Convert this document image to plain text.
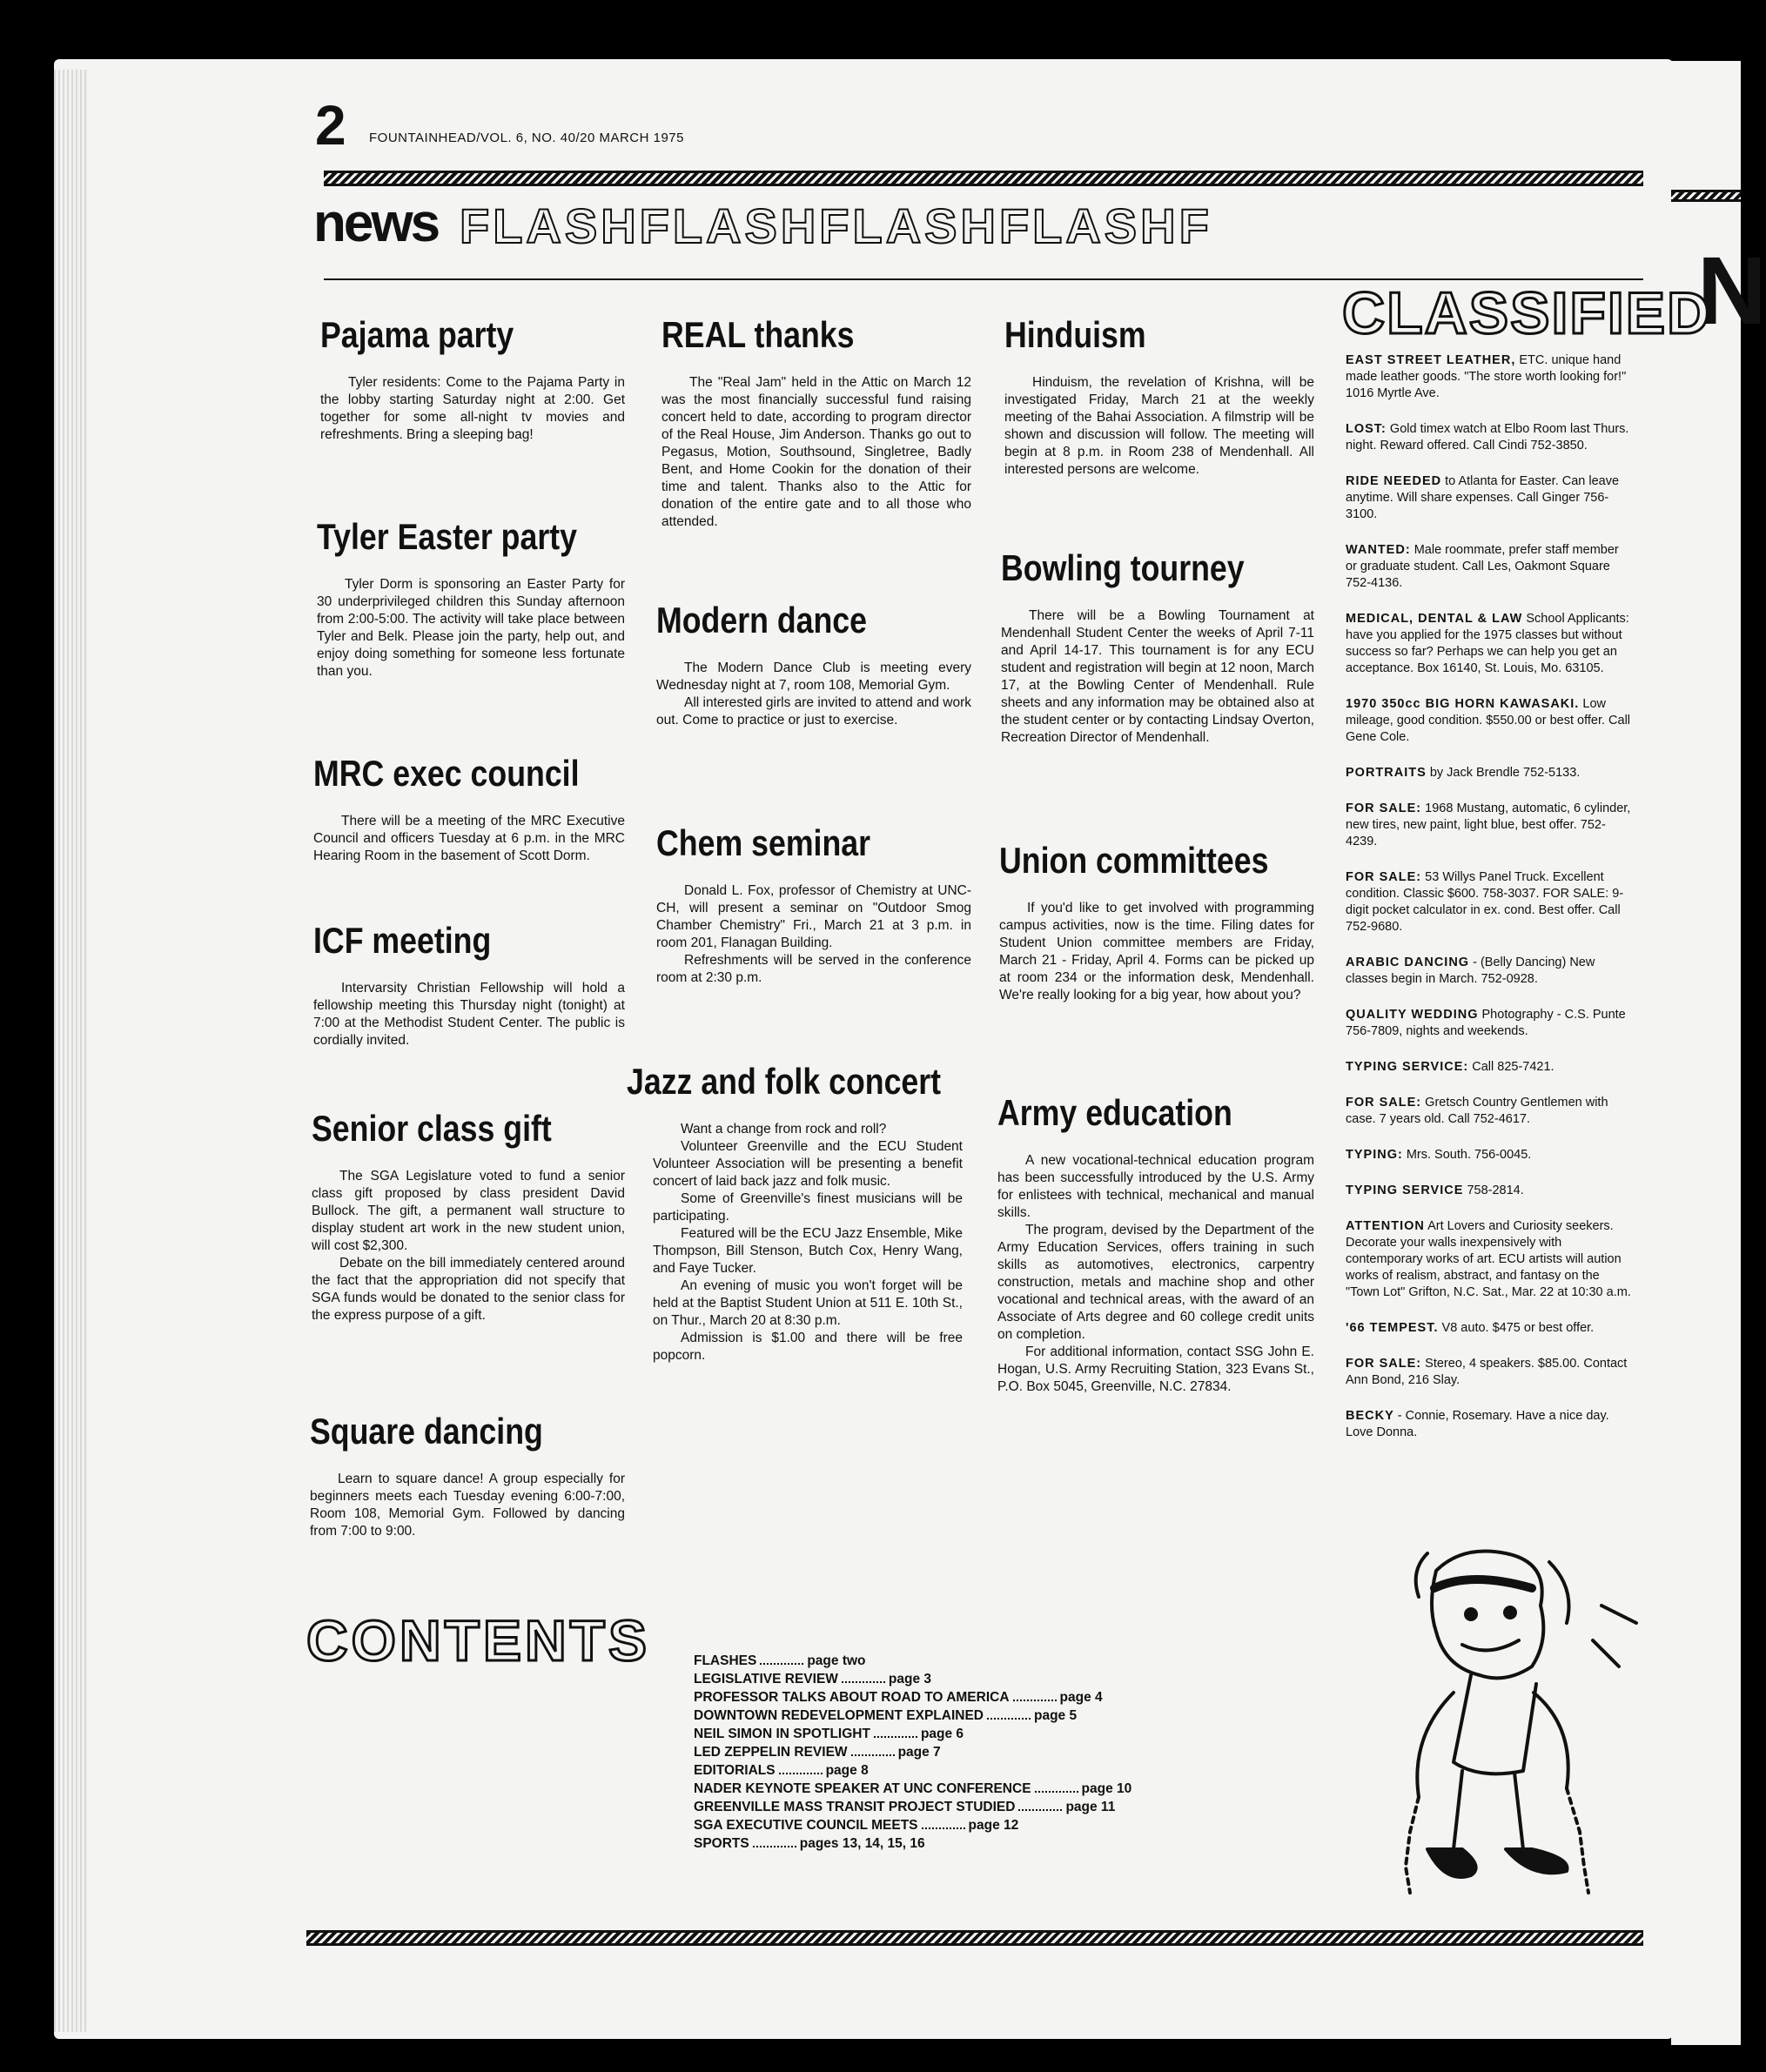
N
2 FOUNTAINHEAD/VOL. 6, NO. 40/20 MARCH 1975
news FLASHFLASHFLASHFLASHF
Pajama party

Tyler residents: Come to the Pajama Party in the lobby starting Saturday night at 2:00. Get together for some all-night tv movies and refreshments. Bring a sleeping bag!

Tyler Easter party

Tyler Dorm is sponsoring an Easter Party for 30 underprivileged children this Sunday afternoon from 2:00-5:00. The activity will take place between Tyler and Belk. Please join the party, help out, and enjoy doing something for someone less fortunate than you.

MRC exec council

There will be a meeting of the MRC Executive Council and officers Tuesday at 6 p.m. in the MRC Hearing Room in the basement of Scott Dorm.

ICF meeting

Intervarsity Christian Fellowship will hold a fellowship meeting this Thursday night (tonight) at 7:00 at the Methodist Student Center. The public is cordially invited.

Senior class gift

The SGA Legislature voted to fund a senior class gift proposed by class president David Bullock. The gift, a permanent wall structure to display student art work in the new student union, will cost $2,300.

Debate on the bill immediately centered around the fact that the appropriation did not specify that SGA funds would be donated to the senior class for the express purpose of a gift.

Square dancing

Learn to square dance! A group especially for beginners meets each Tuesday evening 6:00-7:00, Room 108, Memorial Gym. Followed by dancing from 7:00 to 9:00.

REAL thanks

The "Real Jam" held in the Attic on March 12 was the most financially successful fund raising concert held to date, according to program director of the Real House, Jim Anderson. Thanks go out to Pegasus, Motion, Southsound, Singletree, Badly Bent, and Home Cookin for the donation of their time and talent. Thanks also to the Attic for donation of the entire gate and to all those who attended.

Modern dance

The Modern Dance Club is meeting every Wednesday night at 7, room 108, Memorial Gym.

All interested girls are invited to attend and work out. Come to practice or just to exercise.

Chem seminar

Donald L. Fox, professor of Chemistry at UNC-CH, will present a seminar on "Outdoor Smog Chamber Chemistry" Fri., March 21 at 3 p.m. in room 201, Flanagan Building.

Refreshments will be served in the conference room at 2:30 p.m.

Jazz and folk concert

Want a change from rock and roll?

Volunteer Greenville and the ECU Student Volunteer Association will be presenting a benefit concert of laid back jazz and folk music.

Some of Greenville's finest musicians will be participating.

Featured will be the ECU Jazz Ensemble, Mike Thompson, Bill Stenson, Butch Cox, Henry Wang, and Faye Tucker.

An evening of music you won't forget will be held at the Baptist Student Union at 511 E. 10th St., on Thur., March 20 at 8:30 p.m.

Admission is $1.00 and there will be free popcorn.

Hinduism

Hinduism, the revelation of Krishna, will be investigated Friday, March 21 at the weekly meeting of the Bahai Association. A filmstrip will be shown and discussion will follow. The meeting will begin at 8 p.m. in Room 238 of Mendenhall. All interested persons are welcome.

Bowling tourney

There will be a Bowling Tournament at Mendenhall Student Center the weeks of April 7-11 and April 14-17. This tournament is for any ECU student and registration will begin at 12 noon, March 17, at the Bowling Center of Mendenhall. Rule sheets and any information may be obtained also at the student center or by contacting Lindsay Overton, Recreation Director of Mendenhall.

Union committees

If you'd like to get involved with programming campus activities, now is the time. Filing dates for Student Union committee members are Friday, March 21 - Friday, April 4. Forms can be picked up at room 234 or the information desk, Mendenhall. We're really looking for a big year, how about you?

Army education

A new vocational-technical education program has been successfully introduced by the U.S. Army for enlistees with technical, mechanical and manual skills.

The program, devised by the Department of the Army Education Services, offers training in such skills as automotives, electronics, carpentry construction, metals and machine shop and other vocational and technical areas, with the award of an Associate of Arts degree and 60 college credit units on completion.

For additional information, contact SSG John E. Hogan, U.S. Army Recruiting Station, 323 Evans St., P.O. Box 5045, Greenville, N.C. 27834.

CLASSIFIED
EAST STREET LEATHER, ETC. unique hand made leather goods. "The store worth looking for!" 1016 Myrtle Ave.
LOST: Gold timex watch at Elbo Room last Thurs. night. Reward offered. Call Cindi 752-3850.
RIDE NEEDED to Atlanta for Easter. Can leave anytime. Will share expenses. Call Ginger 756-3100.
WANTED: Male roommate, prefer staff member or graduate student. Call Les, Oakmont Square 752-4136.
MEDICAL, DENTAL & LAW School Applicants: have you applied for the 1975 classes but without success so far? Perhaps we can help you get an acceptance. Box 16140, St. Louis, Mo. 63105.
1970 350cc BIG HORN KAWASAKI. Low mileage, good condition. $550.00 or best offer. Call Gene Cole.
PORTRAITS by Jack Brendle 752-5133.
FOR SALE: 1968 Mustang, automatic, 6 cylinder, new tires, new paint, light blue, best offer. 752-4239.
FOR SALE: 53 Willys Panel Truck. Excellent condition. Classic $600. 758-3037. FOR SALE: 9-digit pocket calculator in ex. cond. Best offer. Call 752-9680.
ARABIC DANCING - (Belly Dancing) New classes begin in March. 752-0928.
QUALITY WEDDING Photography - C.S. Punte 756-7809, nights and weekends.
TYPING SERVICE: Call 825-7421.
FOR SALE: Gretsch Country Gentlemen with case. 7 years old. Call 752-4617.
TYPING: Mrs. South. 756-0045.
TYPING SERVICE 758-2814.
ATTENTION Art Lovers and Curiosity seekers. Decorate your walls inexpensively with contemporary works of art. ECU artists will aution works of realism, abstract, and fantasy on the "Town Lot" Grifton, N.C. Sat., Mar. 22 at 10:30 a.m.
'66 TEMPEST. V8 auto. $475 or best offer.
FOR SALE: Stereo, 4 speakers. $85.00. Contact Ann Bond, 216 Slay.
BECKY - Connie, Rosemary. Have a nice day. Love Donna.
CONTENTS	FLASHES	page two
LEGISLATIVE REVIEW	page 3
PROFESSOR TALKS ABOUT ROAD TO AMERICA	page 4
DOWNTOWN REDEVELOPMENT EXPLAINED	page 5
NEIL SIMON IN SPOTLIGHT	page 6
LED ZEPPELIN REVIEW	page 7
EDITORIALS	page 8
NADER KEYNOTE SPEAKER AT UNC CONFERENCE	page 10
GREENVILLE MASS TRANSIT PROJECT STUDIED	page 11
SGA EXECUTIVE COUNCIL MEETS	page 12
SPORTS	pages 13, 14, 15, 16
